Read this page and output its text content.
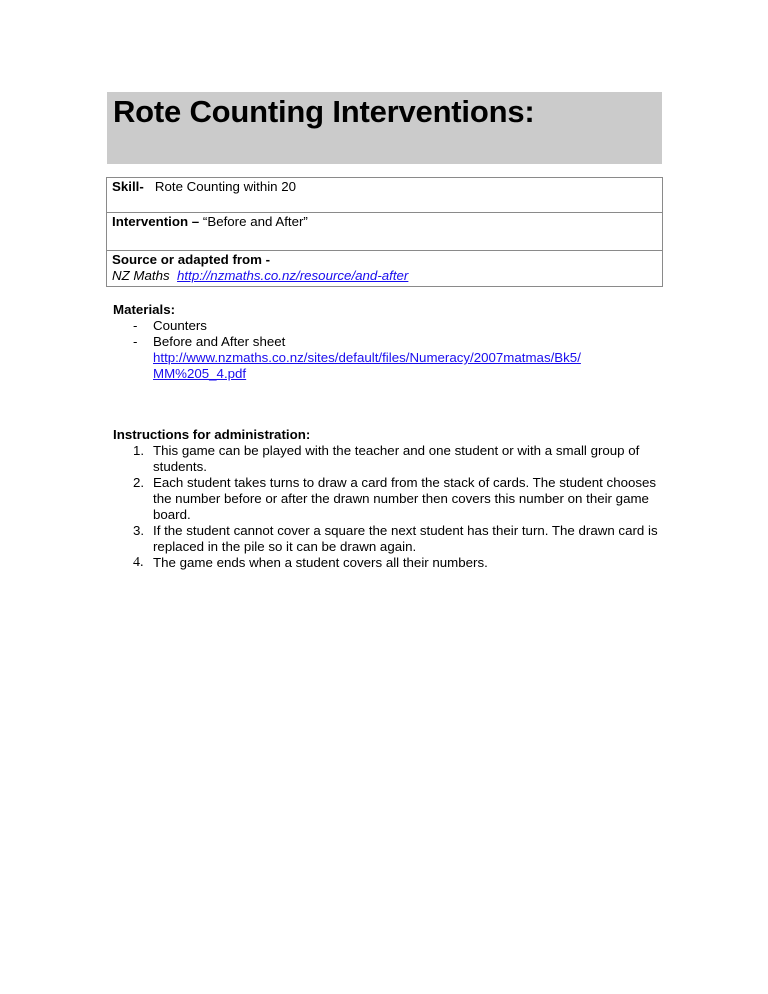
Rote Counting Interventions:
Skill- Rote Counting within 20
Intervention – “Before and After”

Source or adapted from -
NZ Maths http://nzmaths.co.nz/resource/and-after
Materials:
- Counters
- Before and After sheet
http://www.nzmaths.co.nz/sites/default/files/Numeracy/2007matmas/Bk5/
MM%205_4.pdf
Instructions for administration:
1. This game can be played with the teacher and one student or with a small group of students.
2. Each student takes turns to draw a card from the stack of cards. The student chooses the number before or after the drawn number then covers this number on their game board.
3. If the student cannot cover a square the next student has their turn. The drawn card is replaced in the pile so it can be drawn again.
4. The game ends when a student covers all their numbers.
